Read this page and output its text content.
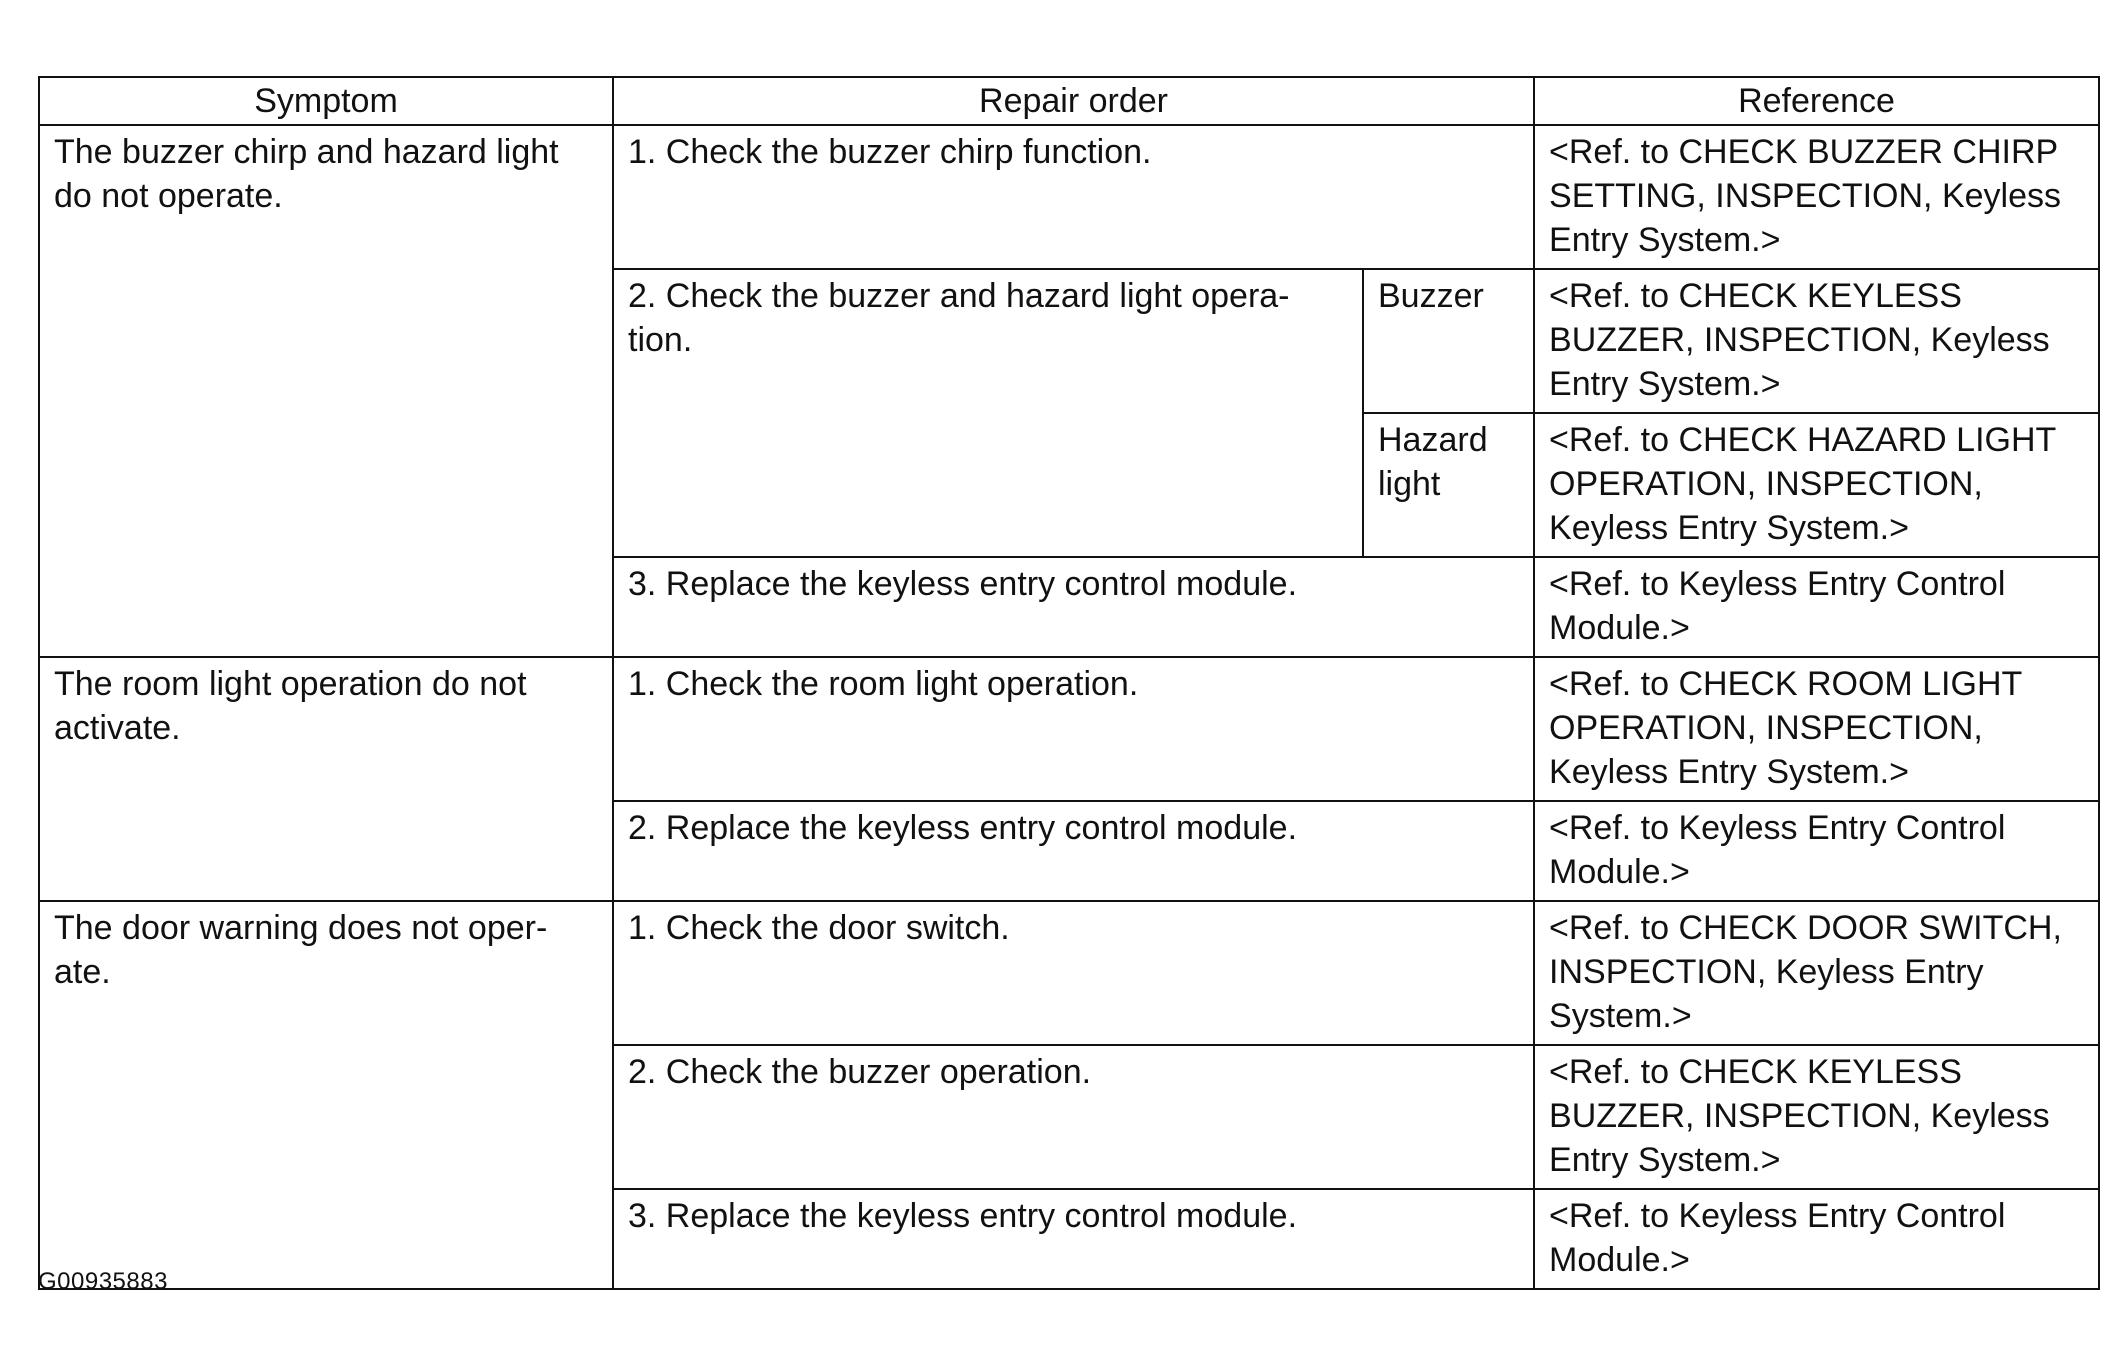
Symptom	Repair order		Reference
The buzzer chirp and hazard light do not operate.	1. Check the buzzer chirp function.		<Ref. to CHECK BUZZER CHIRP SETTING, INSPECTION, Keyless Entry System.>
	2. Check the buzzer and hazard light opera-tion.	Buzzer	<Ref. to CHECK KEYLESS BUZZER, INSPECTION, Keyless Entry System.>
		Hazard light	<Ref. to CHECK HAZARD LIGHT OPERATION, INSPECTION, Keyless Entry System.>
	3. Replace the keyless entry control module.		<Ref. to Keyless Entry Control Module.>

The room light operation do not activate.	1. Check the room light operation.		<Ref. to CHECK ROOM LIGHT OPERATION, INSPECTION, Keyless Entry System.>
	2. Replace the keyless entry control module.		<Ref. to Keyless Entry Control Module.>
The door warning does not oper-ate.	1. Check the door switch.		<Ref. to CHECK DOOR SWITCH, INSPECTION, Keyless Entry System.>
	2. Check the buzzer operation.		<Ref. to CHECK KEYLESS BUZZER, INSPECTION, Keyless Entry System.>
	3. Replace the keyless entry control module.		<Ref. to Keyless Entry Control Module.>
G00935883
